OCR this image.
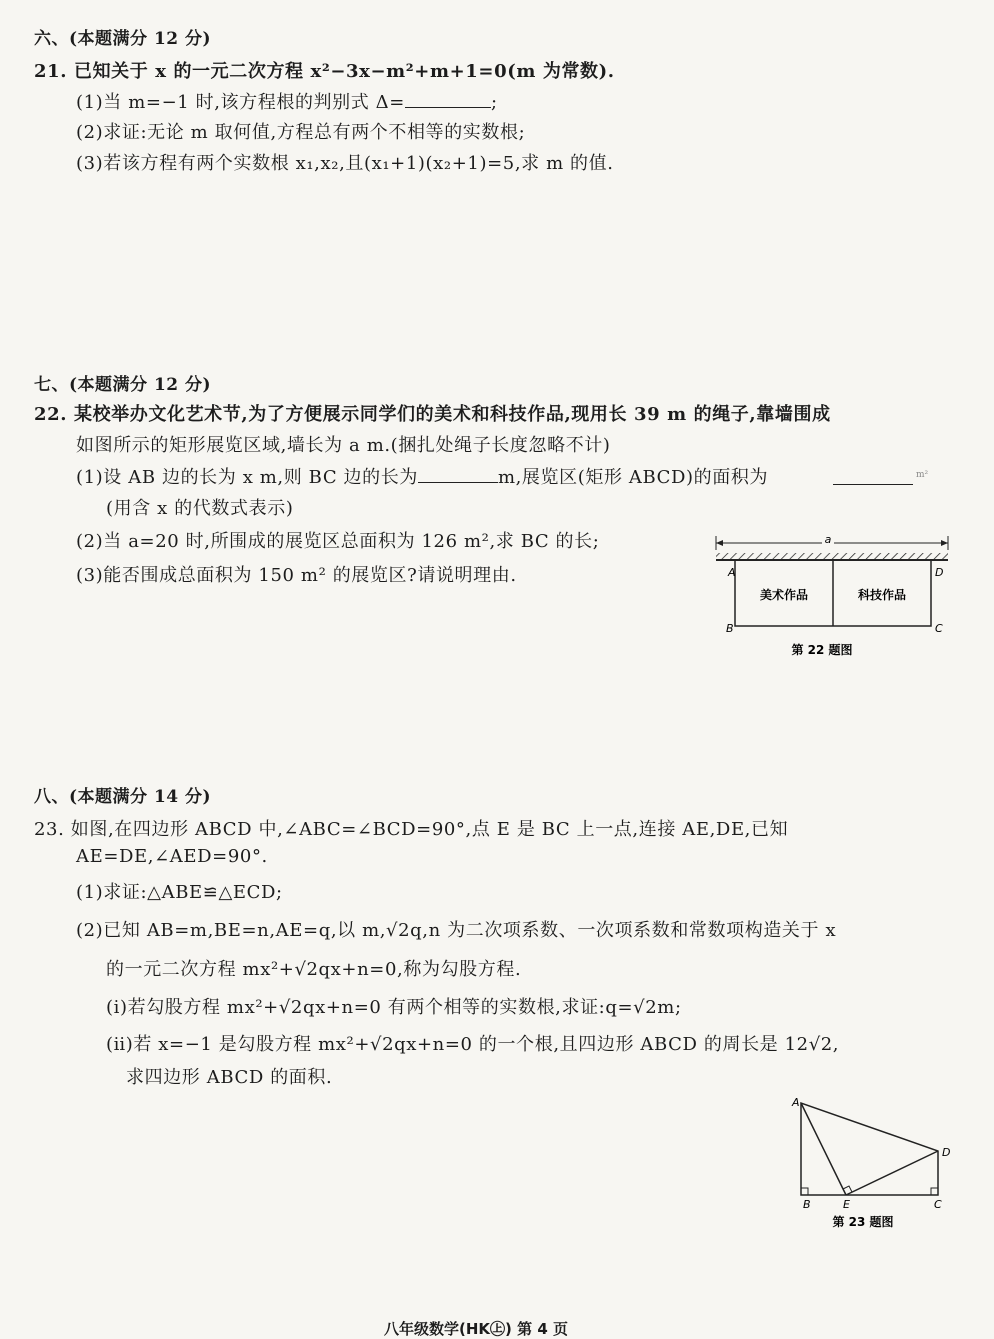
六、(本题满分 12 分)
21. 已知关于 x 的一元二次方程 x²−3x−m²+m+1=0(m 为常数).
(1)当 m=−1 时,该方程根的判别式 Δ=	;
(2)求证:无论 m 取何值,方程总有两个不相等的实数根;
(3)若该方程有两个实数根 x₁,x₂,且(x₁+1)(x₂+1)=5,求 m 的值.
七、(本题满分 12 分)
22. 某校举办文化艺术节,为了方便展示同学们的美术和科技作品,现用长 39 m 的绳子,靠墙围成
如图所示的矩形展览区域,墙长为 a m.(捆扎处绳子长度忽略不计)
(1)设 AB 边的长为 x m,则 BC 边的长为	m,展览区(矩形 ABCD)的面积为	m²
(用含 x 的代数式表示)
(2)当 a=20 时,所围成的展览区总面积为 126 m²,求 BC 的长;
(3)能否围成总面积为 150 m² 的展览区?请说明理由.
a
A
B	C
D
美术作品	科技作品
第 22 题图
八、(本题满分 14 分)
23. 如图,在四边形 ABCD 中,∠ABC=∠BCD=90°,点 E 是 BC 上一点,连接 AE,DE,已知
AE=DE,∠AED=90°.
(1)求证:△ABE≌△ECD;
(2)已知 AB=m,BE=n,AE=q,以 m,√2q,n 为二次项系数、一次项系数和常数项构造关于 x
的一元二次方程 mx²+√2qx+n=0,称为勾股方程.
(ⅰ)若勾股方程 mx²+√2qx+n=0 有两个相等的实数根,求证:q=√2m;
(ⅱ)若 x=−1 是勾股方程 mx²+√2qx+n=0 的一个根,且四边形 ABCD 的周长是 12√2,
求四边形 ABCD 的面积.
A
B	E	C
D
第 23 题图
八年级数学(HK㊤) 第 4 页
